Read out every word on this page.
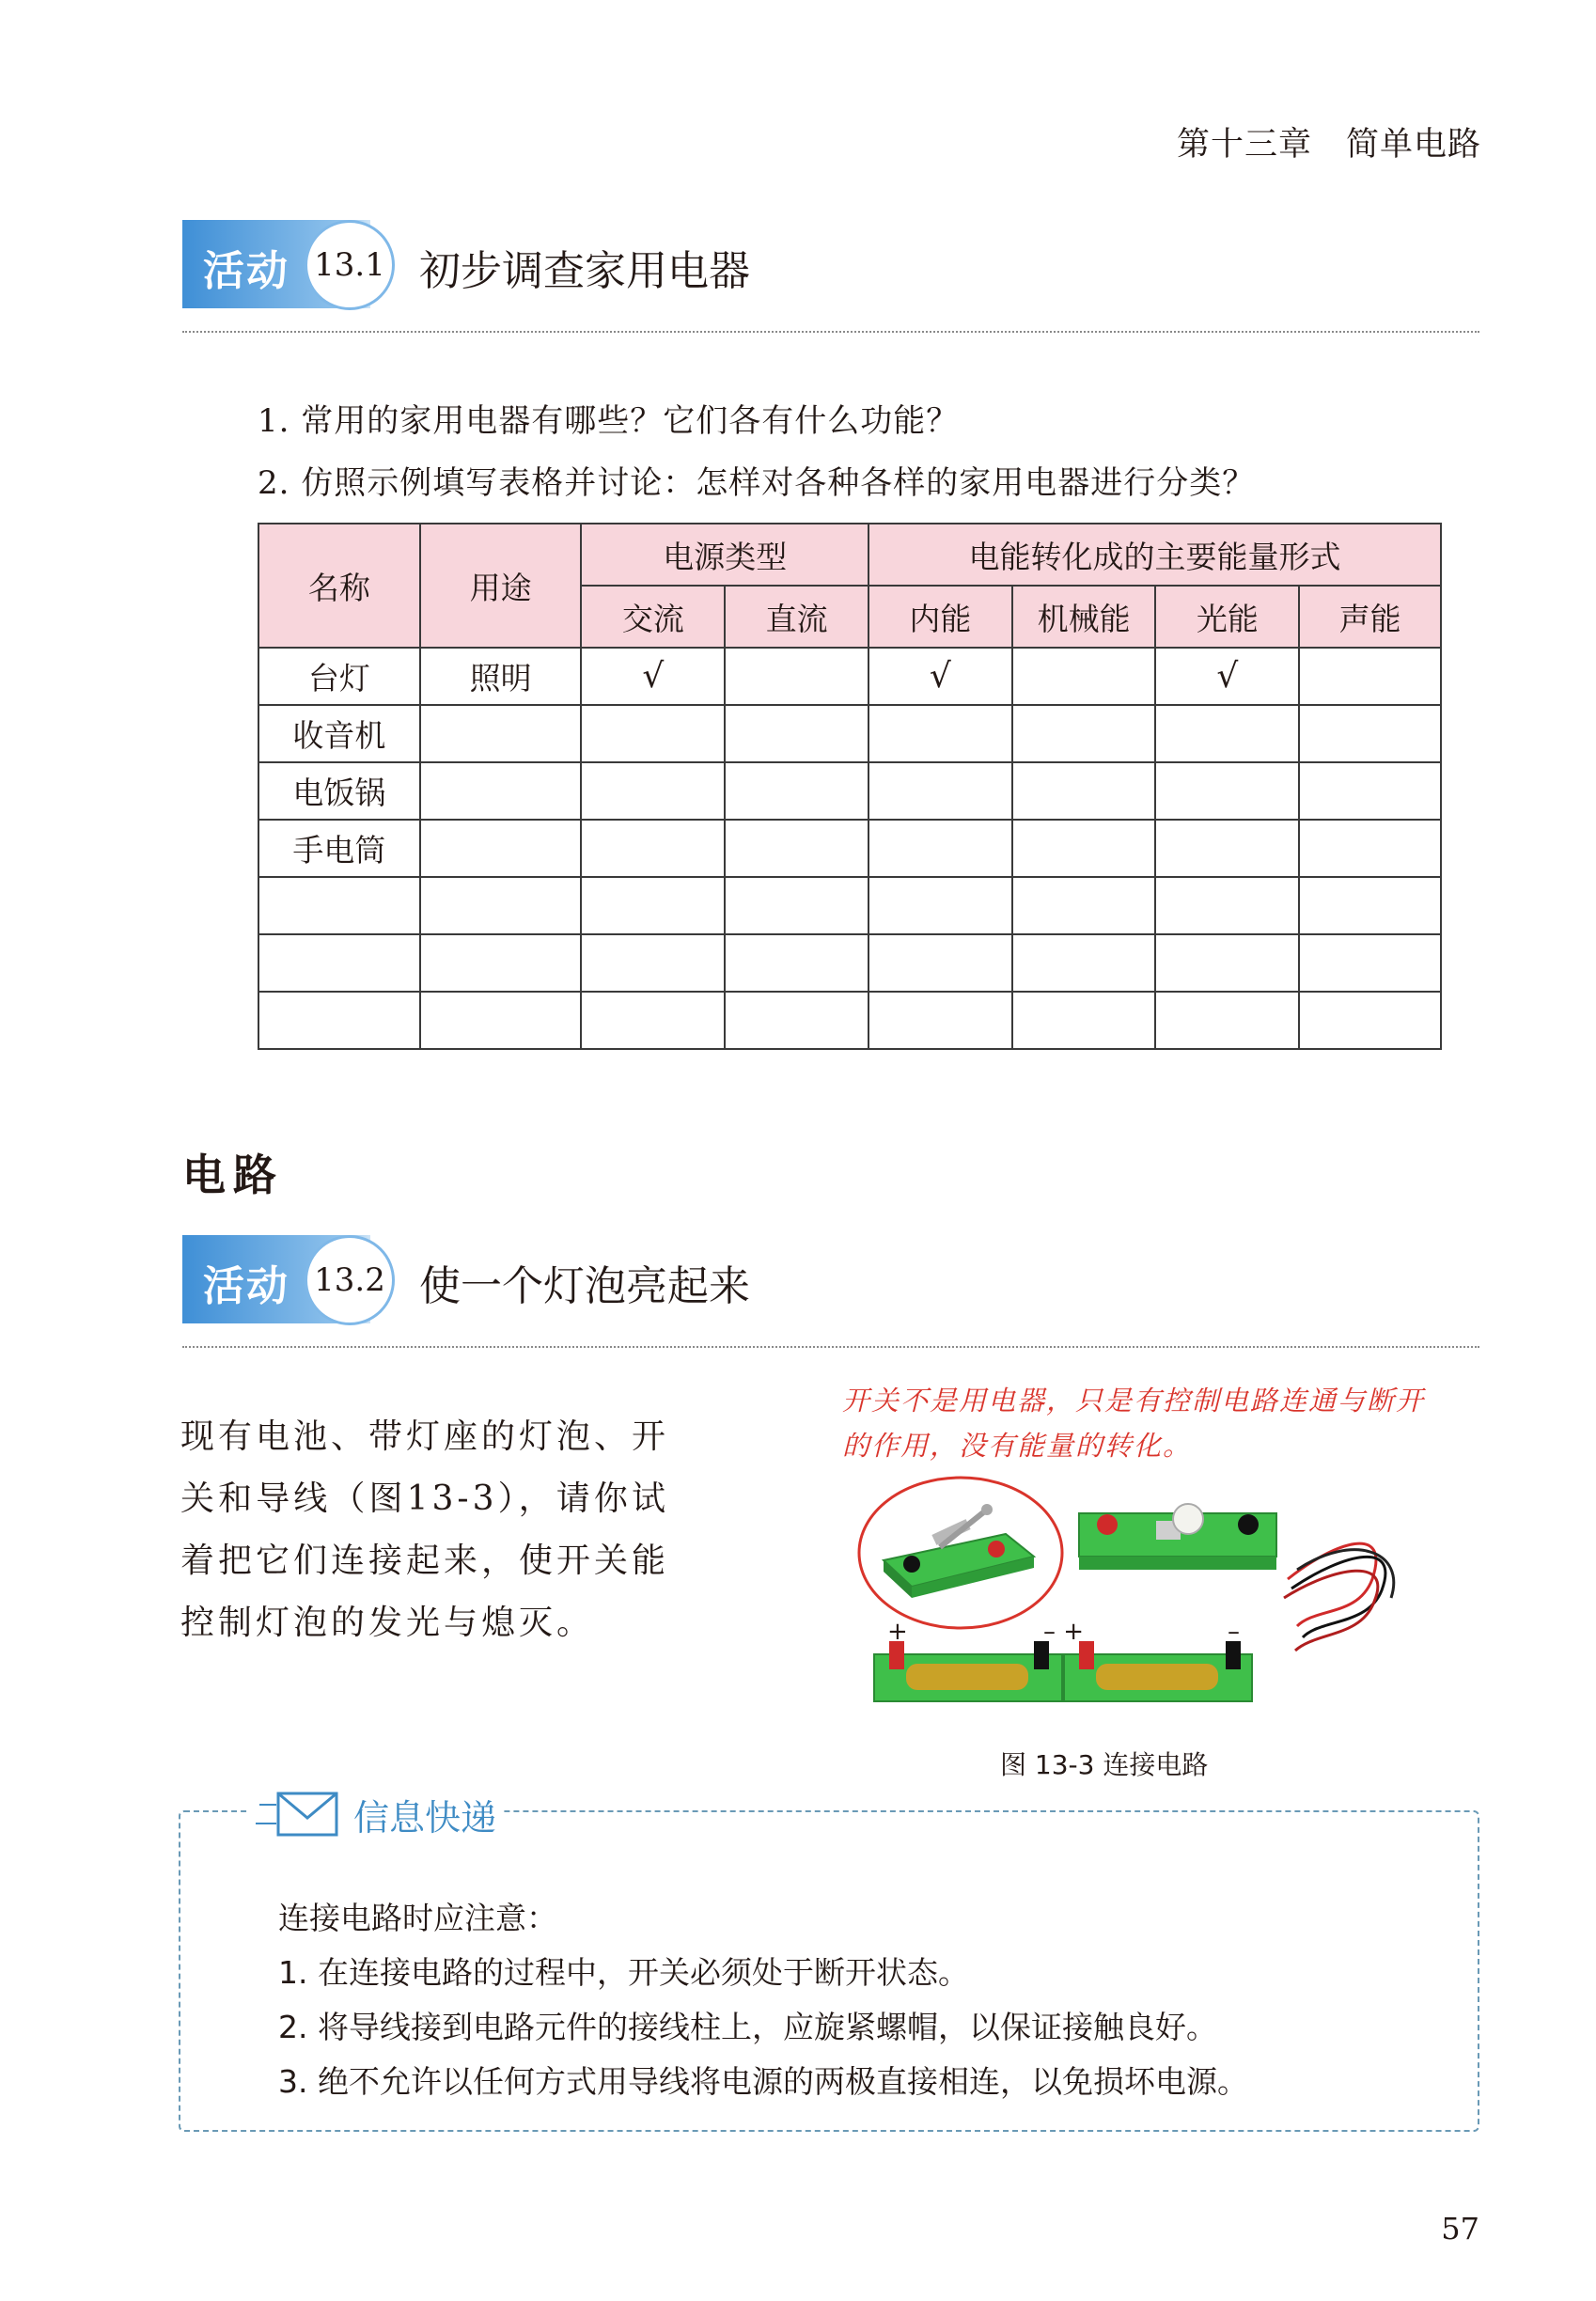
第十三章　简单电路
活动 13.1 初步调查家用电器
1. 常用的家用电器有哪些？它们各有什么功能？
2. 仿照示例填写表格并讨论：怎样对各种各样的家用电器进行分类？
名称	用途	电源类型		电能转化成的主要能量形式			
		交流	直流	内能	机械能	光能	声能
台灯	照明	√		√		√	
收音机							
电饭锅							
手电筒							

电路
活动 13.2 使一个灯泡亮起来
现有电池、带灯座的灯泡、开关和导线（图13-3），请你试着把它们连接起来，使开关能控制灯泡的发光与熄灭。
开关不是用电器，只是有控制电路连通与断开的作用，没有能量的转化。
+	– +	–
图 13-3 连接电路
信息快递
连接电路时应注意：
1. 在连接电路的过程中，开关必须处于断开状态。
2. 将导线接到电路元件的接线柱上，应旋紧螺帽，以保证接触良好。
3. 绝不允许以任何方式用导线将电源的两极直接相连，以免损坏电源。
57
